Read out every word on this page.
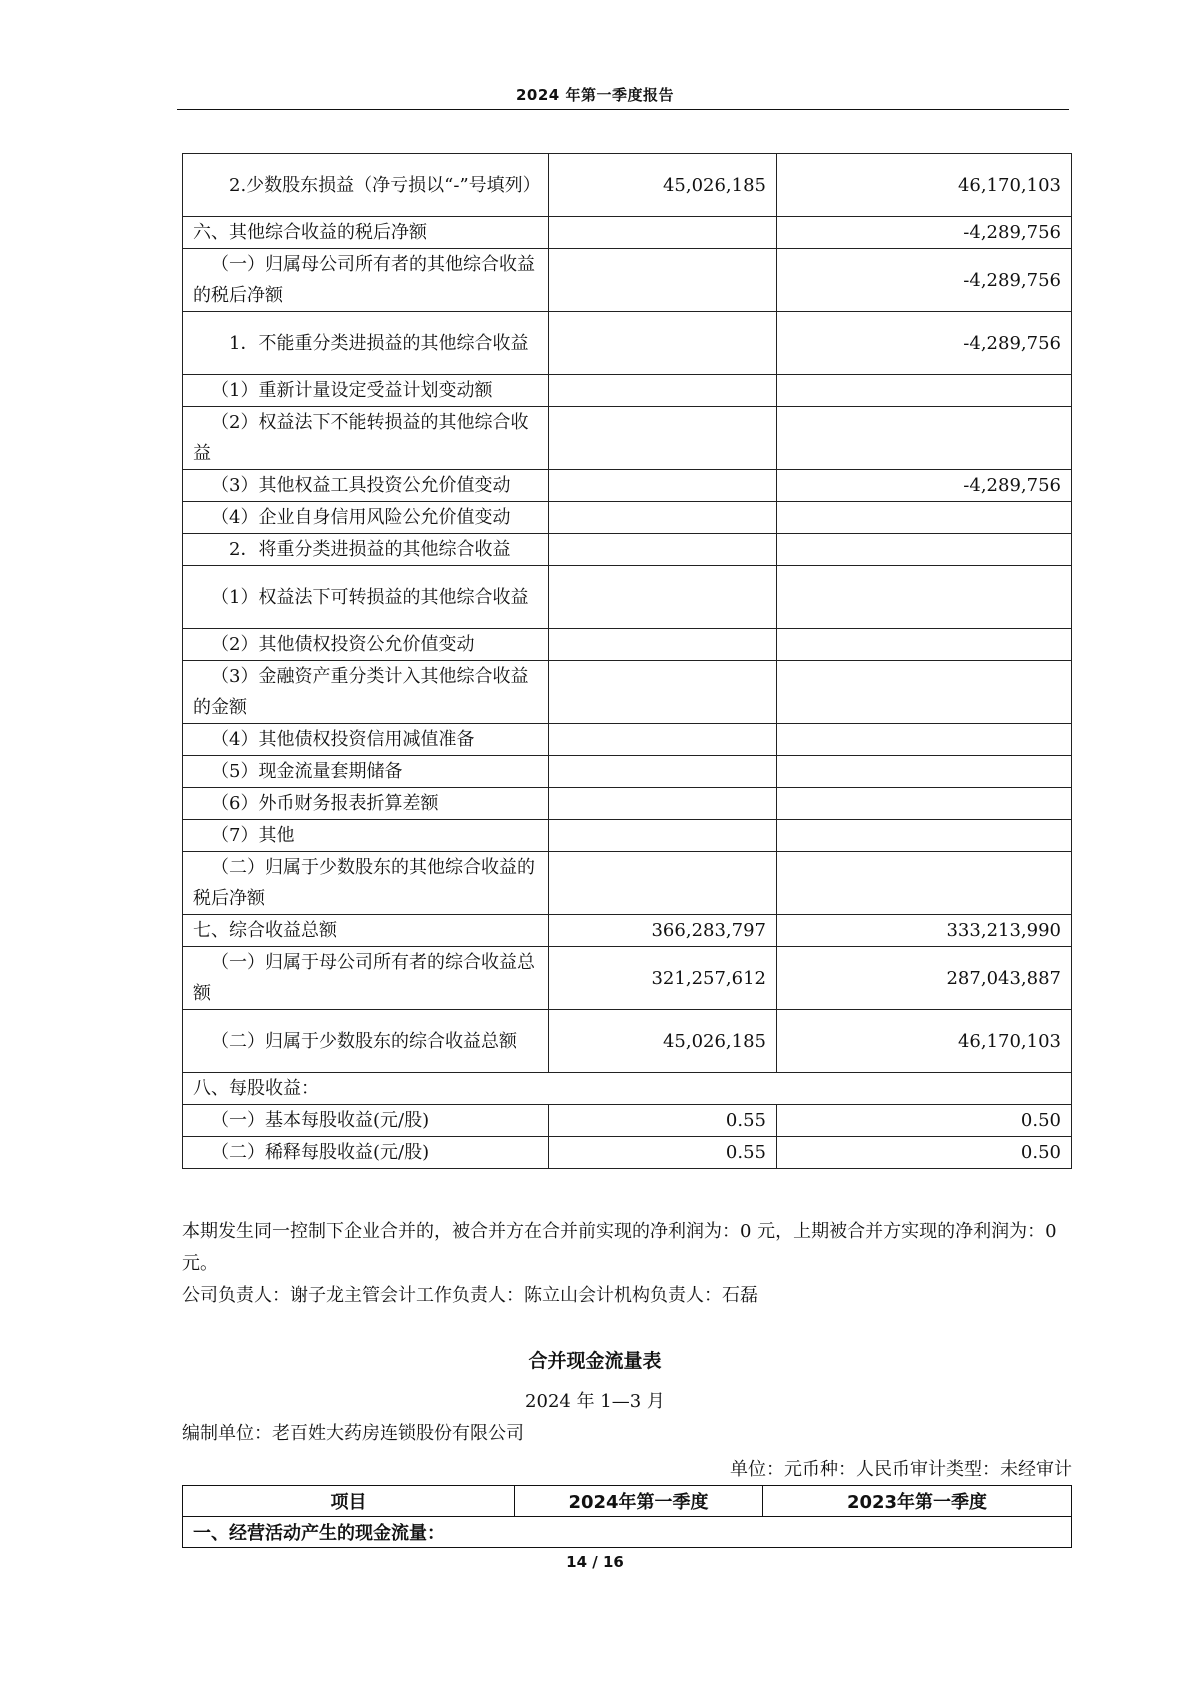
2024 年第一季度报告
2.少数股东损益（净亏损以“-”号填列）	45,026,185	46,170,103
六、其他综合收益的税后净额		-4,289,756
（一）归属母公司所有者的其他综合收益的税后净额		-4,289,756
1．不能重分类进损益的其他综合收益		-4,289,756
（1）重新计量设定受益计划变动额		
（2）权益法下不能转损益的其他综合收益		
（3）其他权益工具投资公允价值变动		-4,289,756
（4）企业自身信用风险公允价值变动		
2．将重分类进损益的其他综合收益		
（1）权益法下可转损益的其他综合收益		
（2）其他债权投资公允价值变动		
（3）金融资产重分类计入其他综合收益的金额		
（4）其他债权投资信用减值准备		
（5）现金流量套期储备		
（6）外币财务报表折算差额		
（7）其他		
（二）归属于少数股东的其他综合收益的税后净额		
七、综合收益总额	366,283,797	333,213,990
（一）归属于母公司所有者的综合收益总额	321,257,612	287,043,887
（二）归属于少数股东的综合收益总额	45,026,185	46,170,103
八、每股收益：		
（一）基本每股收益(元/股)	0.55	0.50
（二）稀释每股收益(元/股)	0.55	0.50

本期发生同一控制下企业合并的，被合并方在合并前实现的净利润为：0 元，上期被合并方实现的净利润为：0 元。

公司负责人：谢子龙主管会计工作负责人：陈立山会计机构负责人：石磊

合并现金流量表
2024 年 1—3 月
编制单位：老百姓大药房连锁股份有限公司
单位：元币种：人民币审计类型：未经审计
项目	2024年第一季度	2023年第一季度
一、经营活动产生的现金流量：
14 / 16
